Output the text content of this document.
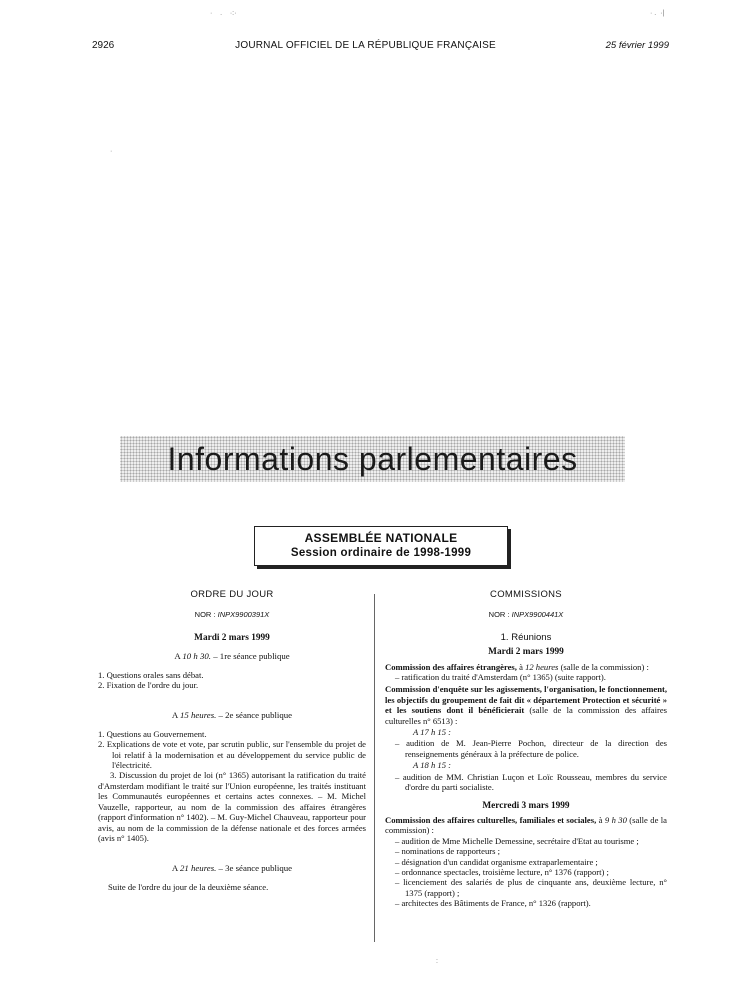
2926	JOURNAL OFFICIEL DE LA RÉPUBLIQUE FRANÇAISE	25 février 1999
·    .    ·:·	· .  ·|
·
:
Informations parlementaires
ASSEMBLÉE NATIONALE
Session ordinaire de 1998-1999
ORDRE DU JOUR
NOR : INPX9900391X
Mardi 2 mars 1999
A 10 h 30. – 1re séance publique

1. Questions orales sans débat.

2. Fixation de l'ordre du jour.

A 15 heures. – 2e séance publique

1. Questions au Gouvernement.

2. Explications de vote et vote, par scrutin public, sur l'ensemble du projet de loi relatif à la modernisation et au développement du service public de l'électricité.

3. Discussion du projet de loi (n° 1365) autorisant la ratification du traité d'Amsterdam modifiant le traité sur l'Union européenne, les traités instituant les Communautés européennes et certains actes connexes. – M. Michel Vauzelle, rapporteur, au nom de la commission des affaires étrangères (rapport d'information n° 1402). – M. Guy-Michel Chauveau, rapporteur pour avis, au nom de la commission de la défense nationale et des forces armées (avis n° 1405).

A 21 heures. – 3e séance publique

Suite de l'ordre du jour de la deuxième séance.

COMMISSIONS
NOR : INPX9900441X
1. Réunions
Mardi 2 mars 1999

Commission des affaires étrangères, à 12 heures (salle de la commission) :

– ratification du traité d'Amsterdam (n° 1365) (suite rapport).

Commission d'enquête sur les agissements, l'organisation, le fonctionnement, les objectifs du groupement de fait dit « département Protection et sécurité » et les soutiens dont il bénéficierait (salle de la commission des affaires culturelles n° 6513) :

A 17 h 15 :

– audition de M. Jean-Pierre Pochon, directeur de la direction des renseignements généraux à la préfecture de police.

A 18 h 15 :

– audition de MM. Christian Luçon et Loïc Rousseau, membres du service d'ordre du parti socialiste.

Mercredi 3 mars 1999

Commission des affaires culturelles, familiales et sociales, à 9 h 30 (salle de la commission) :

– audition de Mme Michelle Demessine, secrétaire d'Etat au tourisme ;

– nominations de rapporteurs ;

– désignation d'un candidat organisme extraparlementaire ;

– ordonnance spectacles, troisième lecture, n° 1376 (rapport) ;

– licenciement des salariés de plus de cinquante ans, deuxième lecture, n° 1375 (rapport) ;

– architectes des Bâtiments de France, n° 1326 (rapport).
